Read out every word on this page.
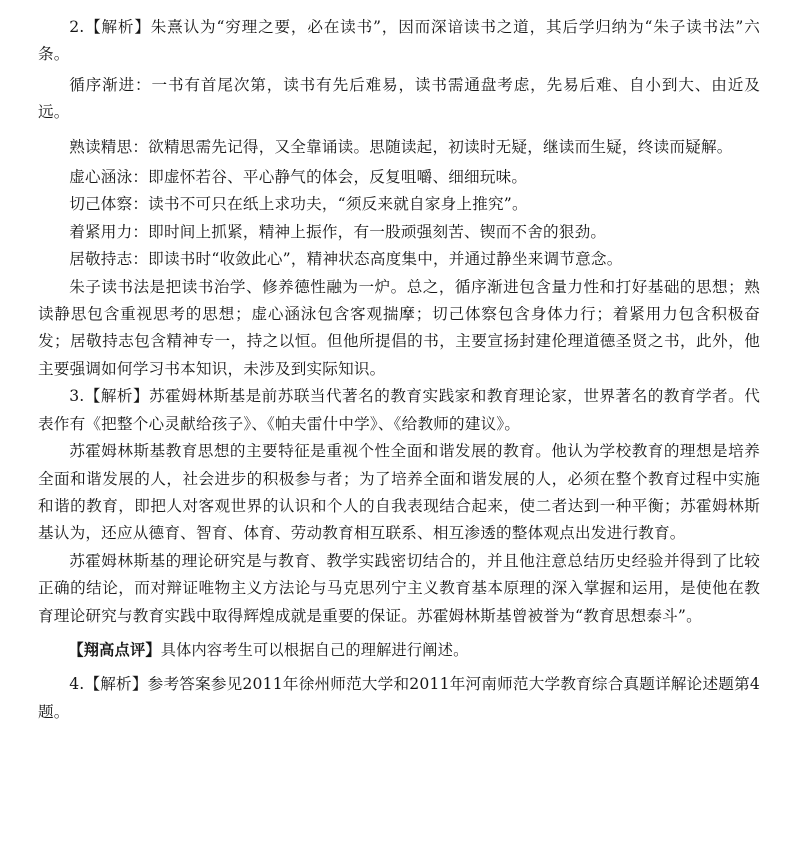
2.【解析】朱熹认为“穷理之要，必在读书”，因而深谙读书之道，其后学归纳为“朱子读书法”六条。

循序渐进：一书有首尾次第，读书有先后难易，读书需通盘考虑，先易后难、自小到大、由近及远。

熟读精思：欲精思需先记得，又全靠诵读。思随读起，初读时无疑，继读而生疑，终读而疑解。

虚心涵泳：即虚怀若谷、平心静气的体会，反复咀嚼、细细玩味。

切己体察：读书不可只在纸上求功夫，“须反来就自家身上推究”。

着紧用力：即时间上抓紧，精神上振作，有一股顽强刻苦、锲而不舍的狠劲。

居敬持志：即读书时“收敛此心”，精神状态高度集中，并通过静坐来调节意念。

朱子读书法是把读书治学、修养德性融为一炉。总之，循序渐进包含量力性和打好基础的思想；熟读静思包含重视思考的思想；虚心涵泳包含客观揣摩；切己体察包含身体力行；着紧用力包含积极奋发；居敬持志包含精神专一，持之以恒。但他所提倡的书，主要宣扬封建伦理道德圣贤之书，此外，他主要强调如何学习书本知识，未涉及到实际知识。

3.【解析】苏霍姆林斯基是前苏联当代著名的教育实践家和教育理论家，世界著名的教育学者。代表作有《把整个心灵献给孩子》、《帕夫雷什中学》、《给教师的建议》。

苏霍姆林斯基教育思想的主要特征是重视个性全面和谐发展的教育。他认为学校教育的理想是培养全面和谐发展的人，社会进步的积极参与者；为了培养全面和谐发展的人，必须在整个教育过程中实施和谐的教育，即把人对客观世界的认识和个人的自我表现结合起来，使二者达到一种平衡；苏霍姆林斯基认为，还应从德育、智育、体育、劳动教育相互联系、相互渗透的整体观点出发进行教育。

苏霍姆林斯基的理论研究是与教育、教学实践密切结合的，并且他注意总结历史经验并得到了比较正确的结论，而对辩证唯物主义方法论与马克思列宁主义教育基本原理的深入掌握和运用，是使他在教育理论研究与教育实践中取得辉煌成就是重要的保证。苏霍姆林斯基曾被誉为“教育思想泰斗”。

【翔高点评】具体内容考生可以根据自己的理解进行阐述。

4.【解析】参考答案参见2011年徐州师范大学和2011年河南师范大学教育综合真题详解论述题第4题。
